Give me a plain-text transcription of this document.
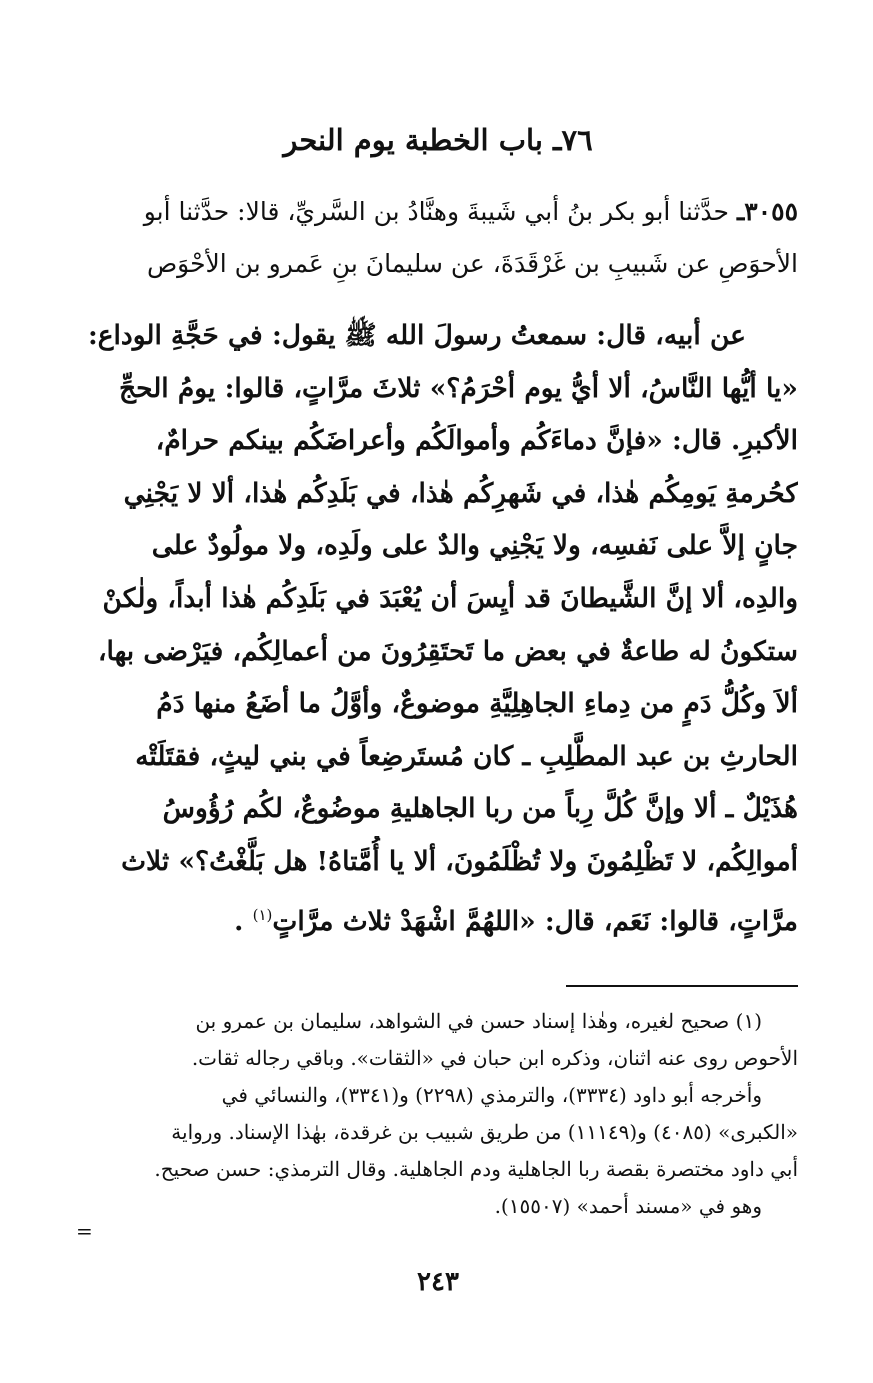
٧٦ـ باب الخطبة يوم النحر
٣٠٥٥ـ حدَّثنا أبو بكر بنُ أبي شَيبةَ وهنَّادُ بن السَّريِّ، قالا: حدَّثنا أبو
الأحوَصِ عن شَبيبِ بن غَرْقَدَةَ، عن سليمانَ بنِ عَمرو بن الأحْوَص
عن أبيه، قال: سمعتُ رسولَ الله ﷺ يقول: في حَجَّةِ الوداع:
«يا أيُّها النَّاسُ، ألا أيُّ يوم أحْرَمُ؟» ثلاثَ مرَّاتٍ، قالوا: يومُ الحجِّ
الأكبرِ. قال: «فإنَّ دماءَكُم وأموالَكُم وأعراضَكُم بينكم حرامٌ،
كحُرمةِ يَومِكُم هٰذا، في شَهرِكُم هٰذا، في بَلَدِكُم هٰذا، ألا لا يَجْنِي
جانٍ إلاَّ على نَفسِه، ولا يَجْنِي والدٌ على ولَدِه، ولا مولُودٌ على
والدِه، ألا إنَّ الشَّيطانَ قد أيِسَ أن يُعْبَدَ في بَلَدِكُم هٰذا أبداً، ولٰكنْ
ستكونُ له طاعةٌ في بعض ما تَحتَقِرُونَ من أعمالِكُم، فيَرْضى بها،
ألاَ وكُلُّ دَمٍ من دِماءِ الجاهِلِيَّةِ موضوعٌ، وأوَّلُ ما أضَعُ منها دَمُ
الحارثِ بن عبد المطَّلِبِ ـ كان مُستَرضِعاً في بني ليثٍ، فقتَلَتْه
هُذَيْلٌ ـ ألا وإنَّ كُلَّ رِباً من ربا الجاهليةِ موضُوعٌ، لكُم رُؤُوسُ
أموالِكُم، لا تَظْلِمُونَ ولا تُظْلَمُونَ، ألا يا أُمَّتاهُ! هل بَلَّغْتُ؟» ثلاث
مرَّاتٍ، قالوا: نَعَم، قال: «اللهُمَّ اشْهَدْ ثلاث مرَّاتٍ$^{(١)}$ .
(١) صحيح لغيره، وهٰذا إسناد حسن في الشواهد، سليمان بن عمرو بن
الأحوص روى عنه اثنان، وذكره ابن حبان في «الثقات». وباقي رجاله ثقات.
وأخرجه أبو داود (٣٣٣٤)، والترمذي (٢٢٩٨) و(٣٣٤١)، والنسائي في
«الكبرى» (٤٠٨٥) و(١١١٤٩) من طريق شبيب بن غرقدة، بهٰذا الإسناد. ورواية
أبي داود مختصرة بقصة ربا الجاهلية ودم الجاهلية. وقال الترمذي: حسن صحيح.
وهو في «مسند أحمد» (١٥٥٠٧).
=
٢٤٣
